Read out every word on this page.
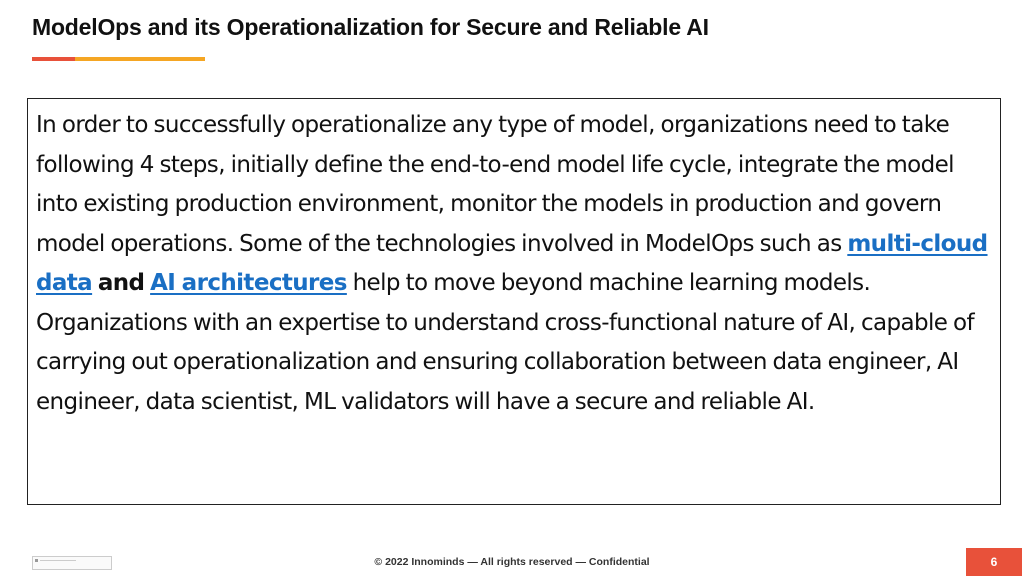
ModelOps and its Operationalization for Secure and Reliable AI

In order to successfully operationalize any type of model, organizations need to take following 4 steps, initially define the end-to-end model life cycle, integrate the model into existing production environment, monitor the models in production and govern model operations. Some of the technologies involved in ModelOps such as multi-cloud data and AI architectures help to move beyond machine learning models. Organizations with an expertise to understand cross-functional nature of AI, capable of carrying out operationalization and ensuring collaboration between data engineer, AI engineer, data scientist, ML validators will have a secure and reliable AI.

© 2022 Innominds — All rights reserved — Confidential	6
